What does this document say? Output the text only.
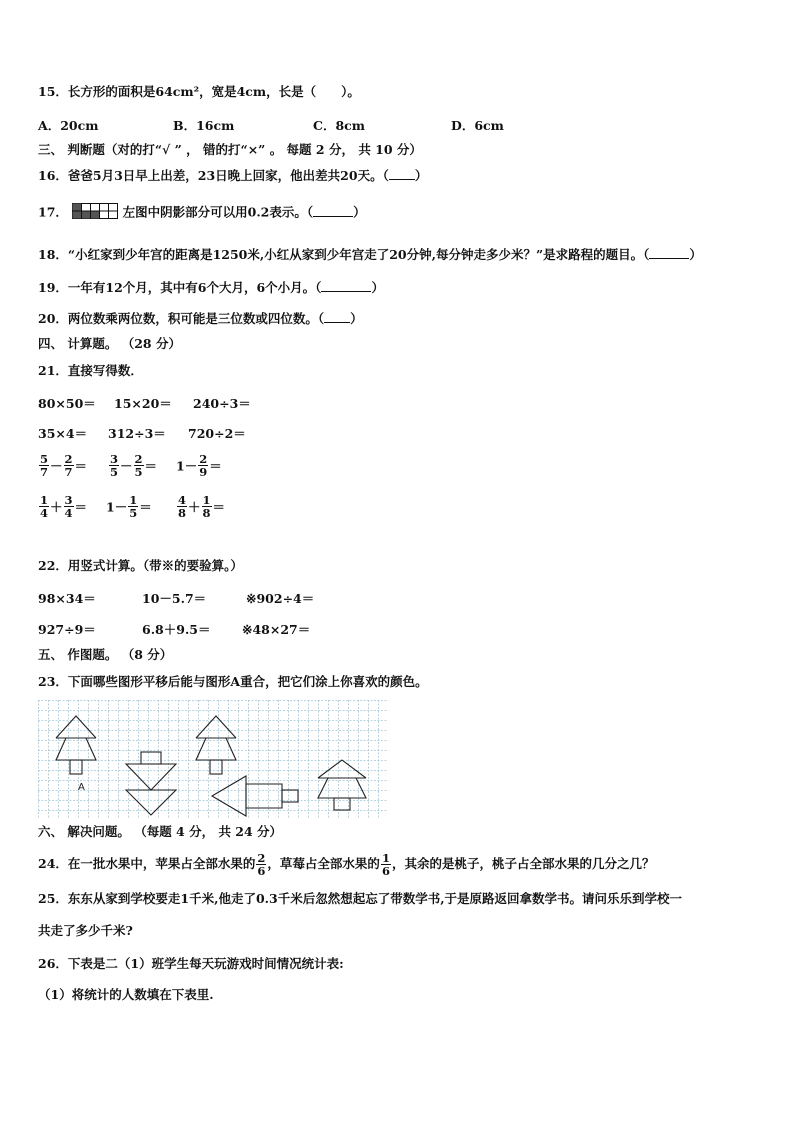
15．长方形的面积是64cm²，宽是4cm，长是（　　）。
A．20cm	B．16cm	C．8cm	D．6cm
三、 判断题（对的打“√ ” ， 错的打“×” 。 每题 2 分， 共 10 分）
16．爸爸5月3日早上出差，23日晚上回家，他出差共20天。（ ）
17．	左图中阴影部分可以用0.2表示。（	）
18．“小红家到少年宫的距离是1250米,小红从家到少年宫走了20分钟,每分钟走多少米？”是求路程的题目。（	）
19．一年有12个月，其中有6个大月，6个小月。（	）
20．两位数乘两位数，积可能是三位数或四位数。（ ）
四、 计算题。 （28 分）
21．直接写得数．
80×50＝ 15×20＝ 240÷3＝
35×4＝ 312÷3＝ 720÷2＝
$\frac{5}{7} - \frac{2}{7} = \frac{3}{5} - \frac{2}{5} = 1- \frac{2}{9}$ ＝
$\frac{1}{4} + \frac{3}{4} = 1- \frac{1}{5} = \frac{4}{8} + \frac{1}{8}$ ＝
22．用竖式计算。（带※的要验算。）
98×34＝	10－5.7＝	※902÷4＝
927÷9＝	6.8＋9.5＝	※48×27＝
五、 作图题。 （8 分）
23．下面哪些图形平移后能与图形A重合，把它们涂上你喜欢的颜色。
A
六、 解决问题。 （每题 4 分， 共 24 分）
24．在一批水果中，苹果占全部水果的 $\frac{2}{6}$ ，草莓占全部水果的 $\frac{1}{6}$ ，其余的是桃子，桃子占全部水果的几分之几？
25．东东从家到学校要走1千米,他走了0.3千米后忽然想起忘了带数学书,于是原路返回拿数学书。请问乐乐到学校一
共走了多少千米?
26．下表是二（1）班学生每天玩游戏时间情况统计表:
（1）将统计的人数填在下表里.
